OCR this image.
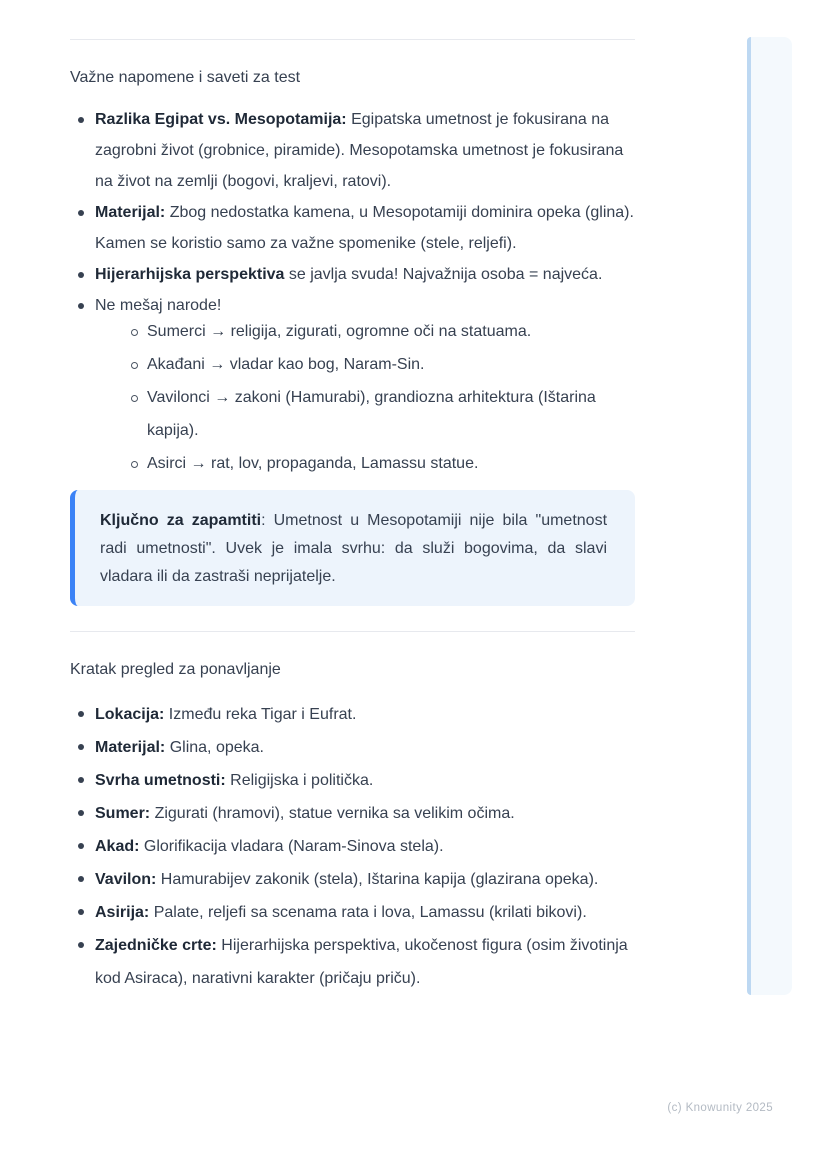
Važne napomene i saveti za test
Razlika Egipat vs. Mesopotamija: Egipatska umetnost je fokusirana na zagrobni život (grobnice, piramide). Mesopotamska umetnost je fokusirana na život na zemlji (bogovi, kraljevi, ratovi).
Materijal: Zbog nedostatka kamena, u Mesopotamiji dominira opeka (glina). Kamen se koristio samo za važne spomenike (stele, reljefi).
Hijerarhijska perspektiva se javlja svuda! Najvažnija osoba = najveća.
Ne mešaj narode!
Sumerci → religija, zigurati, ogromne oči na statuama.
Akađani → vladar kao bog, Naram-Sin.
Vavilonci → zakoni (Hamurabi), grandiozna arhitektura (Ištarina kapija).
Asirci → rat, lov, propaganda, Lamassu statue.
Ključno za zapamtiti: Umetnost u Mesopotamiji nije bila "umetnost radi umetnosti". Uvek je imala svrhu: da služi bogovima, da slavi vladara ili da zastraši neprijatelje.
Kratak pregled za ponavljanje
Lokacija: Između reka Tigar i Eufrat.
Materijal: Glina, opeka.
Svrha umetnosti: Religijska i politička.
Sumer: Zigurati (hramovi), statue vernika sa velikim očima.
Akad: Glorifikacija vladara (Naram-Sinova stela).
Vavilon: Hamurabijev zakonik (stela), Ištarina kapija (glazirana opeka).
Asirija: Palate, reljefi sa scenama rata i lova, Lamassu (krilati bikovi).
Zajedničke crte: Hijerarhijska perspektiva, ukočenost figura (osim životinja kod Asiraca), narativni karakter (pričaju priču).
(c) Knowunity 2025
